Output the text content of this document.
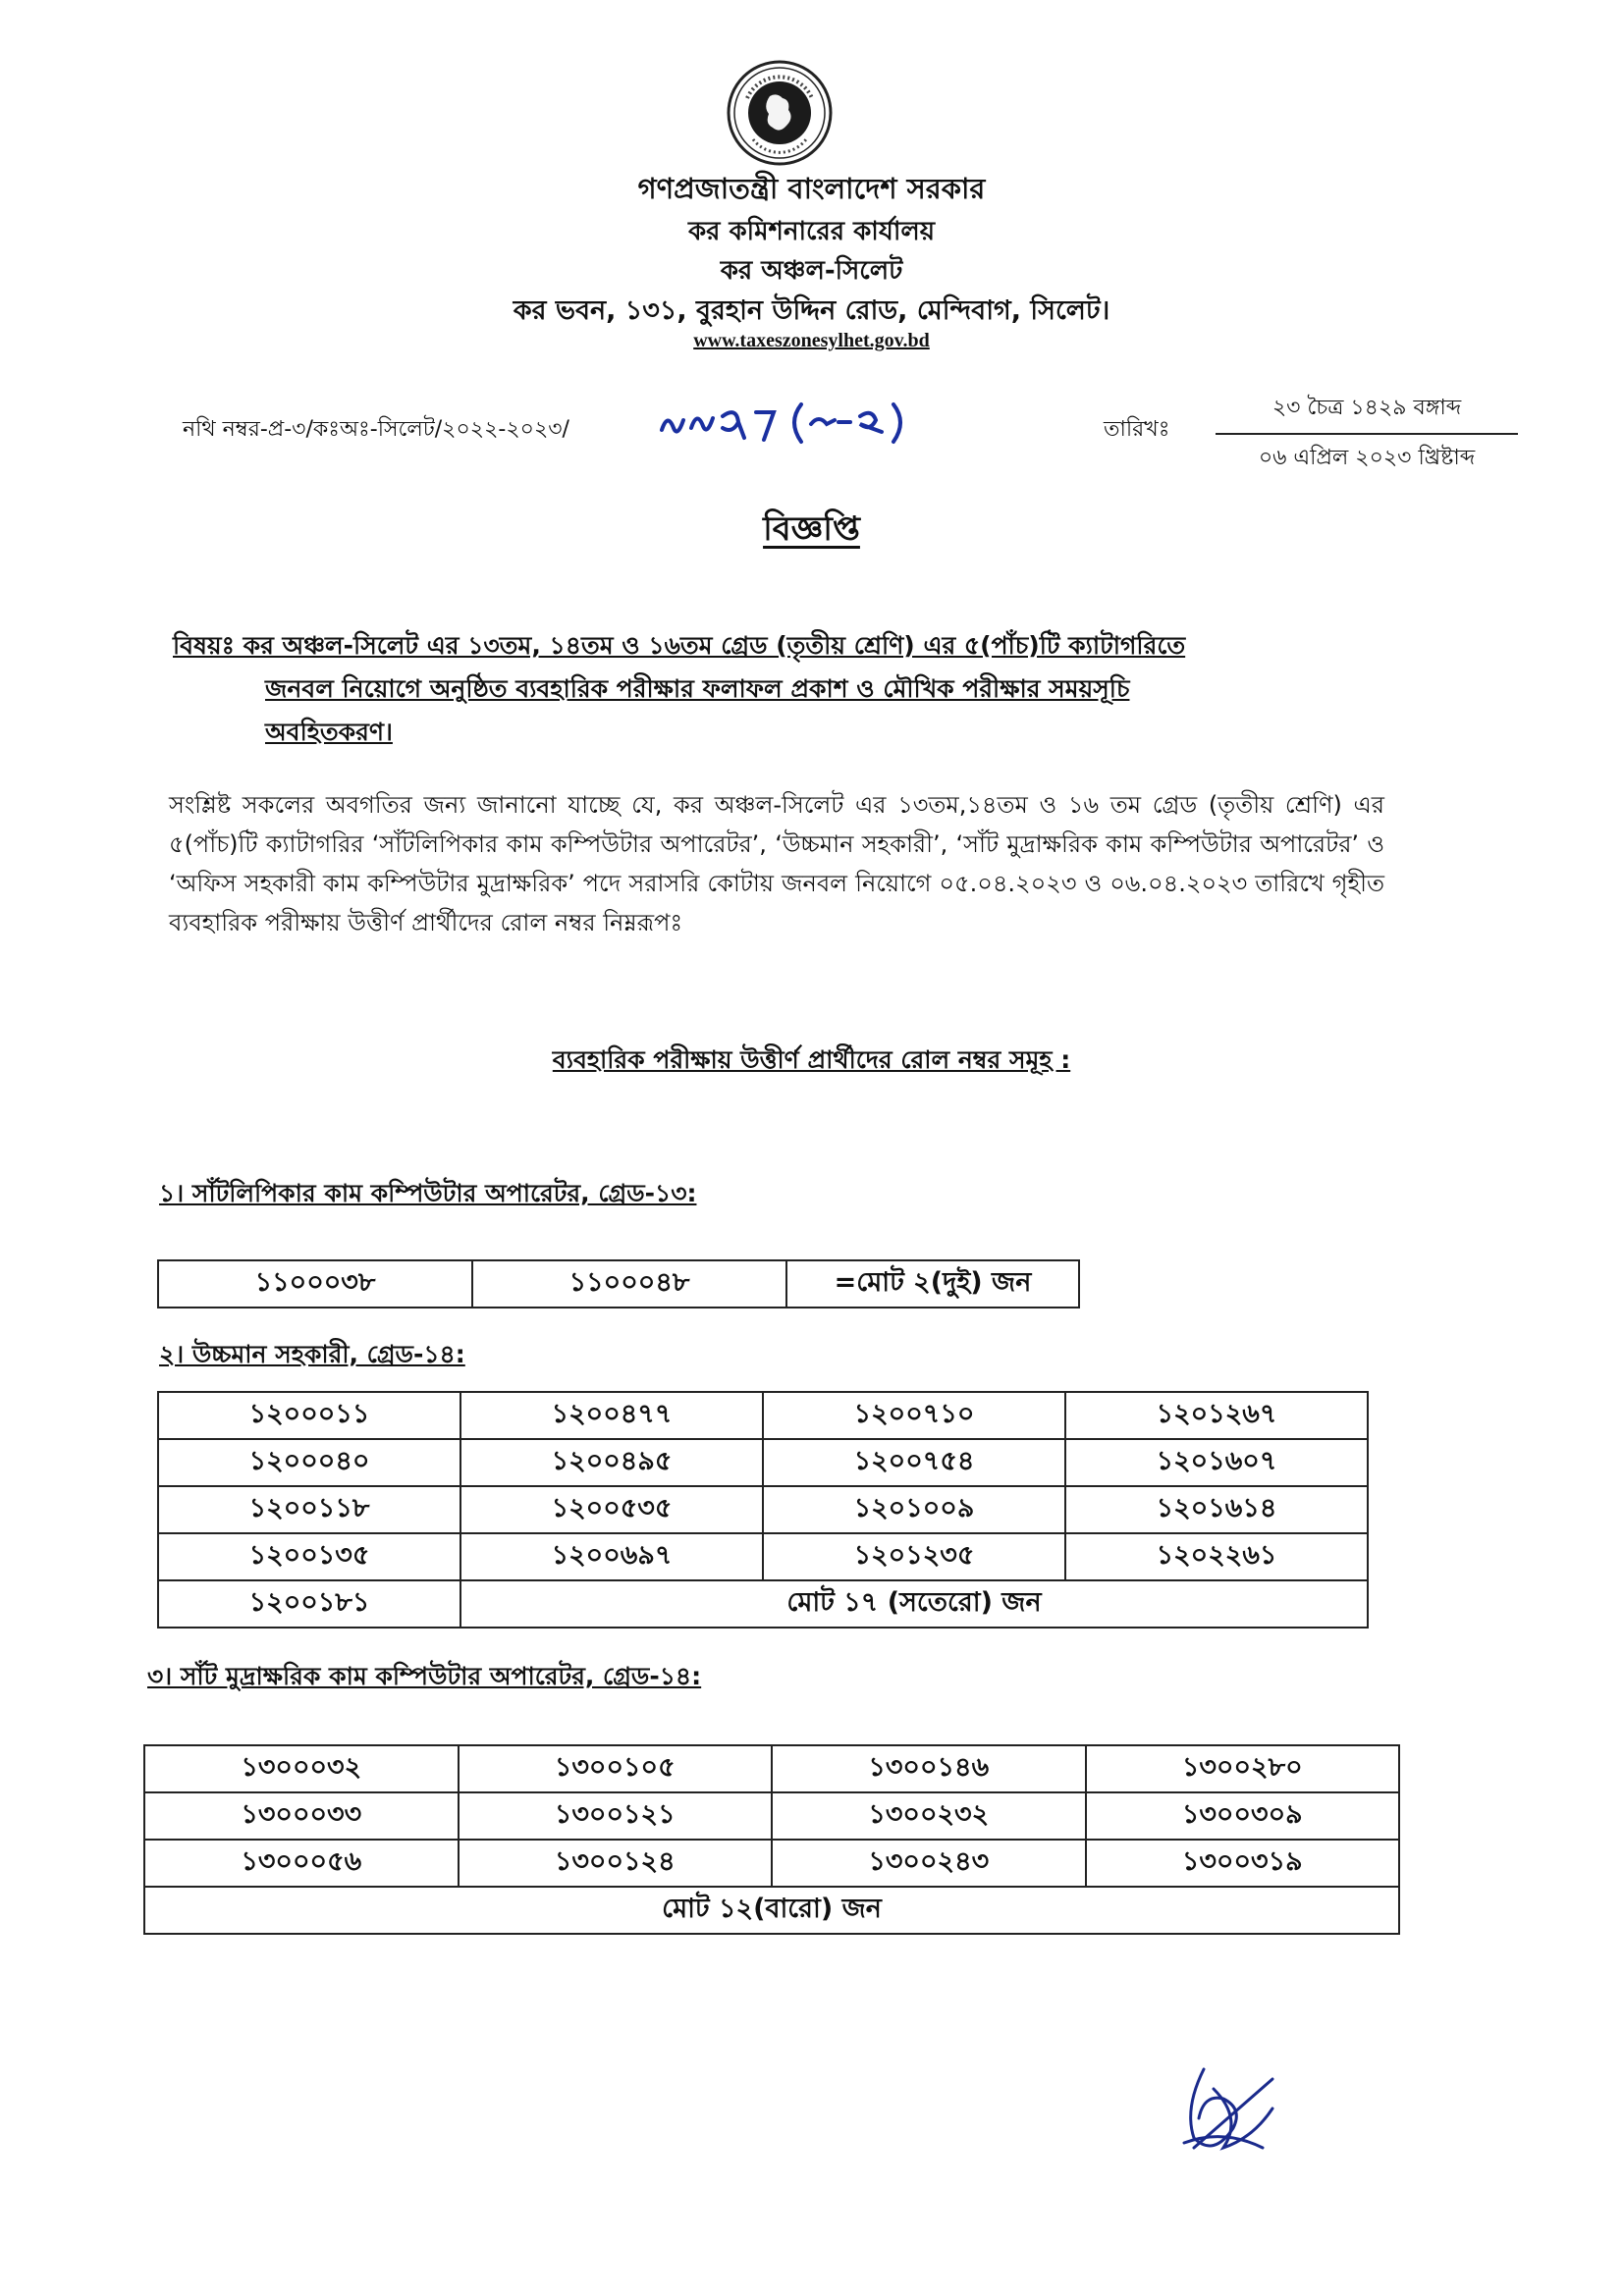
গণপ্রজাতন্ত্রী বাংলাদেশ সরকার
কর কমিশনারের কার্যালয়
কর অঞ্চল-সিলেট
কর ভবন, ১৩১, বুরহান উদ্দিন রোড, মেন্দিবাগ, সিলেট।
www.taxeszonesylhet.gov.bd
নথি নম্বর-প্র-৩/কঃঅঃ-সিলেট/২০২২-২০২৩/
১৮৫৭ (১-৪)
তারিখঃ
২৩ চৈত্র ১৪২৯ বঙ্গাব্দ
০৬ এপ্রিল ২০২৩ খ্রিষ্টাব্দ
বিজ্ঞপ্তি
বিষয়ঃ কর অঞ্চল-সিলেট এর ১৩তম, ১৪তম ও ১৬তম গ্রেড (তৃতীয় শ্রেণি) এর ৫(পাঁচ)টি ক্যাটাগরিতে
জনবল নিয়োগে অনুষ্ঠিত ব্যবহারিক পরীক্ষার ফলাফল প্রকাশ ও মৌখিক পরীক্ষার সময়সূচি
অবহিতকরণ।
সংশ্লিষ্ট সকলের অবগতির জন্য জানানো যাচ্ছে যে, কর অঞ্চল-সিলেট এর ১৩তম,১৪তম ও ১৬ তম গ্রেড (তৃতীয় শ্রেণি) এর ৫(পাঁচ)টি ক্যাটাগরির ‘সাঁটলিপিকার কাম কম্পিউটার অপারেটর’, ‘উচ্চমান সহকারী’, ‘সাঁট মুদ্রাক্ষরিক কাম কম্পিউটার অপারেটর’ ও ‘অফিস সহকারী কাম কম্পিউটার মুদ্রাক্ষরিক’ পদে সরাসরি কোটায় জনবল নিয়োগে ০৫.০৪.২০২৩ ও ০৬.০৪.২০২৩ তারিখে গৃহীত ব্যবহারিক পরীক্ষায় উত্তীর্ণ প্রার্থীদের রোল নম্বর নিম্নরূপঃ
ব্যবহারিক পরীক্ষায় উত্তীর্ণ প্রার্থীদের রোল নম্বর সমূহ :
১। সাঁটলিপিকার কাম কম্পিউটার অপারেটর, গ্রেড-১৩:
১১০০০৩৮	১১০০০৪৮	=মোট ২(দুই) জন
২। উচ্চমান সহকারী, গ্রেড-১৪:
১২০০০১১	১২০০৪৭৭	১২০০৭১০	১২০১২৬৭
১২০০০৪০	১২০০৪৯৫	১২০০৭৫৪	১২০১৬০৭
১২০০১১৮	১২০০৫৩৫	১২০১০০৯	১২০১৬১৪
১২০০১৩৫	১২০০৬৯৭	১২০১২৩৫	১২০২২৬১
১২০০১৮১	মোট ১৭ (সতেরো) জন		
৩। সাঁট মুদ্রাক্ষরিক কাম কম্পিউটার অপারেটর, গ্রেড-১৪:
১৩০০০৩২	১৩০০১০৫	১৩০০১৪৬	১৩০০২৮০
১৩০০০৩৩	১৩০০১২১	১৩০০২৩২	১৩০০৩০৯
১৩০০০৫৬	১৩০০১২৪	১৩০০২৪৩	১৩০০৩১৯
মোট ১২(বারো) জন			
